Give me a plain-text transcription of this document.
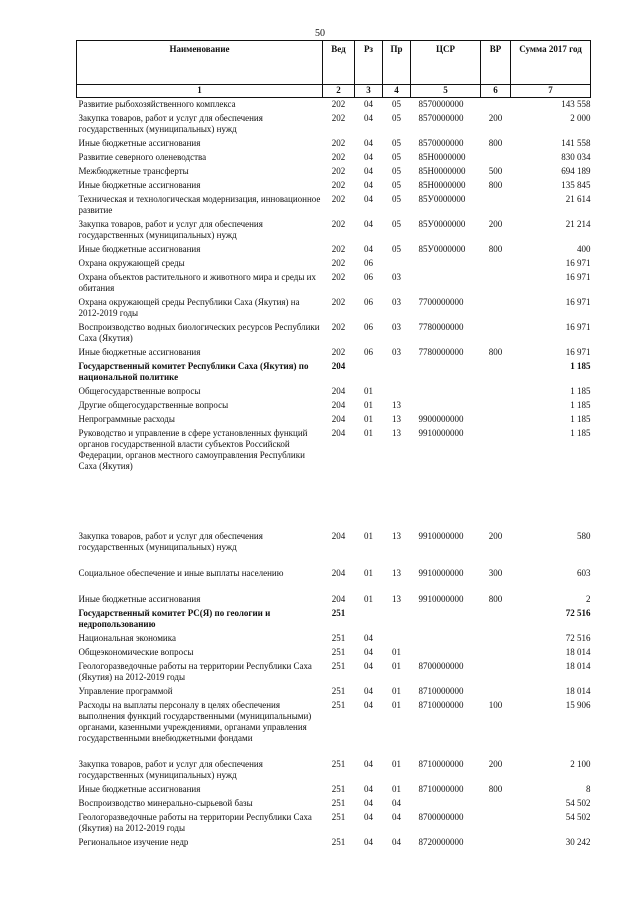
50
Наименование	Вед	Рз	Пр	ЦСР	ВР	Сумма 2017 год
1	2	3	4	5	6	7
Развитие рыбохозяйственного комплекса	202	04	05	8570000000		143 558
Закупка товаров, работ и услуг для обеспечения государственных (муниципальных) нужд	202	04	05	8570000000	200	2 000
Иные бюджетные ассигнования	202	04	05	8570000000	800	141 558
Развитие северного оленеводства	202	04	05	85Н0000000		830 034
Межбюджетные трансферты	202	04	05	85Н0000000	500	694 189
Иные бюджетные ассигнования	202	04	05	85Н0000000	800	135 845
Техническая и технологическая модернизация, инновационное развитие	202	04	05	85У0000000		21 614
Закупка товаров, работ и услуг для обеспечения государственных (муниципальных) нужд	202	04	05	85У0000000	200	21 214
Иные бюджетные ассигнования	202	04	05	85У0000000	800	400
Охрана окружающей среды	202	06				16 971
Охрана объектов растительного и животного мира и среды их обитания	202	06	03			16 971
Охрана окружающей среды Республики Саха (Якутия) на 2012-2019 годы	202	06	03	7700000000		16 971
Воспроизводство водных биологических ресурсов Республики Саха (Якутия)	202	06	03	7780000000		16 971
Иные бюджетные ассигнования	202	06	03	7780000000	800	16 971
Государственный комитет Республики Саха (Якутия) по национальной политике	204					1 185
Общегосударственные вопросы	204	01				1 185
Другие общегосударственные вопросы	204	01	13			1 185
Непрограммные расходы	204	01	13	9900000000		1 185
Руководство и управление в сфере установленных функций органов государственной власти субъектов Российской Федерации, органов местного самоуправления Республики Саха (Якутия)	204	01	13	9910000000		1 185
Закупка товаров, работ и услуг для обеспечения государственных (муниципальных) нужд	204	01	13	9910000000	200	580
Социальное обеспечение и иные выплаты населению	204	01	13	9910000000	300	603
Иные бюджетные ассигнования	204	01	13	9910000000	800	2
Государственный комитет РС(Я) по геологии и недропользованию	251					72 516
Национальная экономика	251	04				72 516
Общеэкономические вопросы	251	04	01			18 014
Геологоразведочные работы на территории Республики Саха (Якутия) на 2012-2019 годы	251	04	01	8700000000		18 014
Управление программой	251	04	01	8710000000		18 014
Расходы на выплаты персоналу в целях обеспечения выполнения функций государственными (муниципальными) органами, казенными учреждениями, органами управления государственными внебюджетными фондами	251	04	01	8710000000	100	15 906
Закупка товаров, работ и услуг для обеспечения государственных (муниципальных) нужд	251	04	01	8710000000	200	2 100
Иные бюджетные ассигнования	251	04	01	8710000000	800	8
Воспроизводство минерально-сырьевой базы	251	04	04			54 502
Геологоразведочные работы на территории Республики Саха (Якутия) на 2012-2019 годы	251	04	04	8700000000		54 502
Региональное изучение недр	251	04	04	8720000000		30 242
